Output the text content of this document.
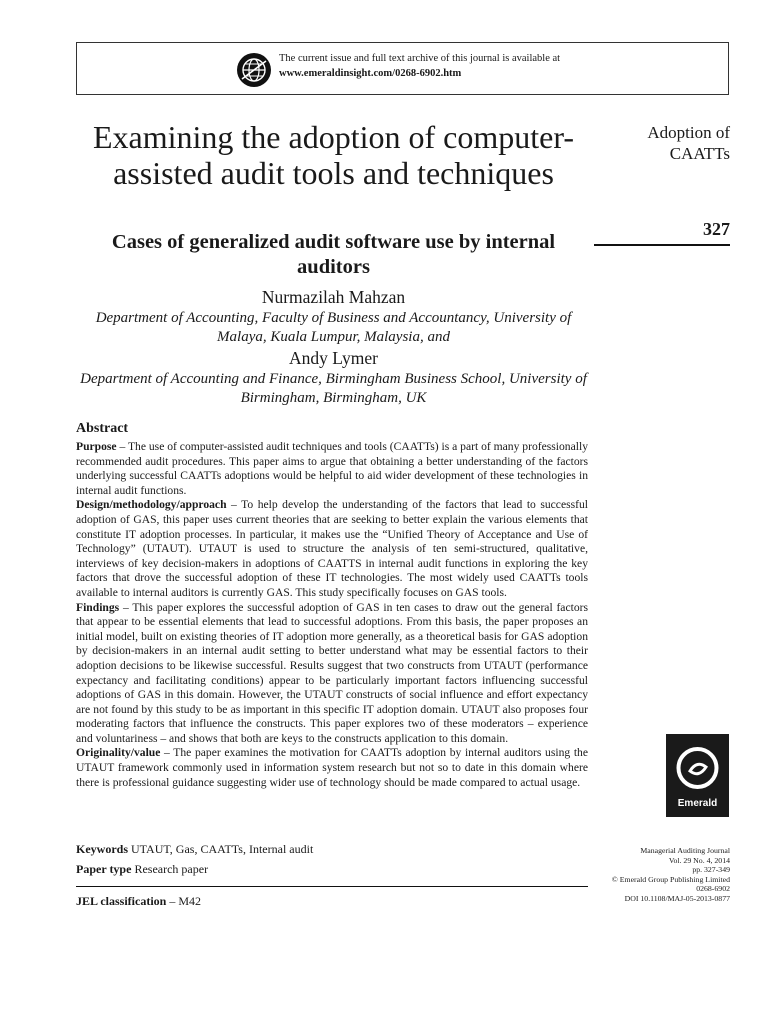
The current issue and full text archive of this journal is available at
www.emeraldinsight.com/0268-6902.htm
Adoption of CAATTs
327
Examining the adoption of computer-assisted audit tools and techniques
Cases of generalized audit software use by internal auditors
Nurmazilah Mahzan
Department of Accounting, Faculty of Business and Accountancy, University of Malaya, Kuala Lumpur, Malaysia, and
Andy Lymer
Department of Accounting and Finance, Birmingham Business School, University of Birmingham, Birmingham, UK
Abstract

Purpose – The use of computer-assisted audit techniques and tools (CAATTs) is a part of many professionally recommended audit procedures. This paper aims to argue that obtaining a better understanding of the factors underlying successful CAATTs adoptions would be helpful to aid wider development of these technologies in internal audit functions.

Design/methodology/approach – To help develop the understanding of the factors that lead to successful adoption of GAS, this paper uses current theories that are seeking to better explain the various elements that constitute IT adoption processes. In particular, it makes use the “Unified Theory of Acceptance and Use of Technology” (UTAUT). UTAUT is used to structure the analysis of ten semi-structured, qualitative, interviews of key decision-makers in adoptions of CAATTS in internal audit functions in exploring the key factors that drove the successful adoption of these IT technologies. The most widely used CAATTs tools available to internal auditors is currently GAS. This study specifically focuses on GAS tools.

Findings – This paper explores the successful adoption of GAS in ten cases to draw out the general factors that appear to be essential elements that lead to successful adoptions. From this basis, the paper proposes an initial model, built on existing theories of IT adoption more generally, as a theoretical basis for GAS adoption by decision-makers in an internal audit setting to better understand what may be essential factors to their adoption decisions to be likewise successful. Results suggest that two constructs from UTAUT (performance expectancy and facilitating conditions) appear to be particularly important factors influencing successful adoptions of GAS in this domain. However, the UTAUT constructs of social influence and effort expectancy are not found by this study to be as important in this specific IT adoption domain. UTAUT also proposes four moderating factors that influence the constructs. This paper explores two of these moderators – experience and voluntariness – and shows that both are keys to the constructs application to this domain.

Originality/value – The paper examines the motivation for CAATTs adoption by internal auditors using the UTAUT framework commonly used in information system research but not so to date in this domain where there is professional guidance suggesting wider use of technology should be made compared to actual usage.

Keywords UTAUT, Gas, CAATTs, Internal audit
Paper type Research paper
JEL classification – M42
Emerald
Managerial Auditing Journal
Vol. 29 No. 4, 2014
pp. 327-349
© Emerald Group Publishing Limited
0268-6902
DOI 10.1108/MAJ-05-2013-0877
